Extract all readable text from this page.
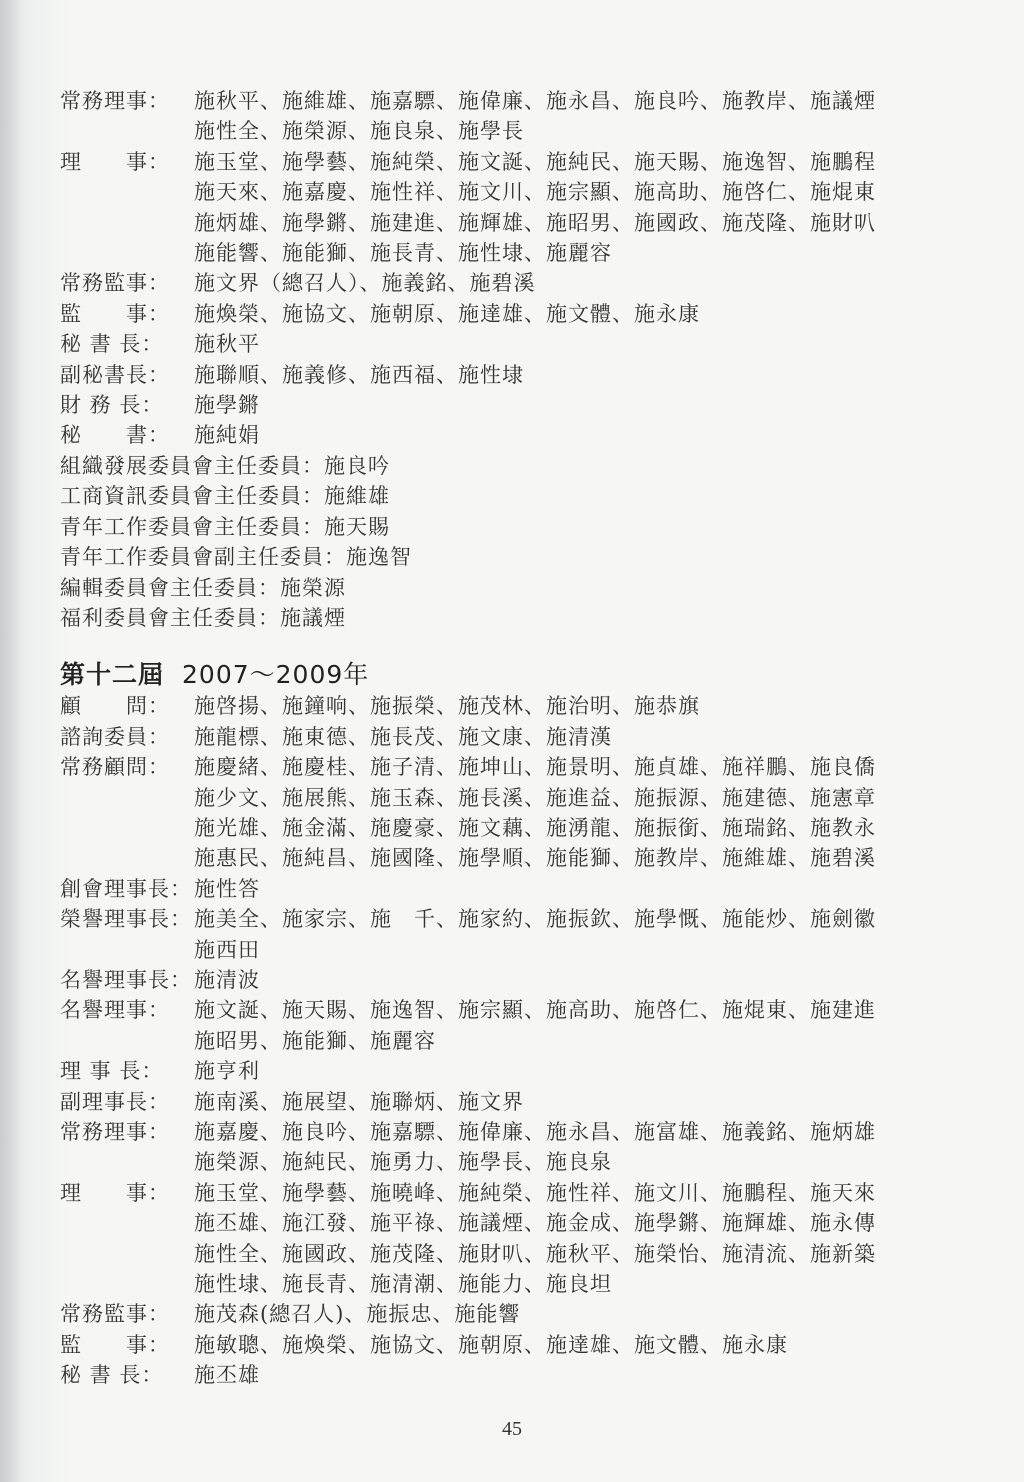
常務理事：	施秋平、施維雄、施嘉驃、施偉廉、施永昌、施良吟、施教岸、施議煙
施性全、施榮源、施良泉、施學長
理　　事：	施玉堂、施學藝、施純榮、施文誕、施純民、施天賜、施逸智、施鵬程
施天來、施嘉慶、施性祥、施文川、施宗顯、施高助、施啓仁、施焜東
施炳雄、施學鏘、施建進、施輝雄、施昭男、施國政、施茂隆、施財叭
施能響、施能獅、施長青、施性埭、施麗容
常務監事：	施文界（總召人）、施義銘、施碧溪
監　　事：	施煥榮、施協文、施朝原、施達雄、施文體、施永康
秘 書 長：	施秋平
副秘書長：	施聯順、施義修、施西福、施性埭
財 務 長：	施學鏘
秘　　書：	施純娟
組織發展委員會主任委員：施良吟
工商資訊委員會主任委員：施維雄
青年工作委員會主任委員：施天賜
青年工作委員會副主任委員：施逸智
編輯委員會主任委員：施榮源
福利委員會主任委員：施議煙
第十二屆 2007～2009年
顧　　問：	施啓揚、施鐘响、施振榮、施茂林、施治明、施恭旗
諮詢委員：	施龍標、施東德、施長茂、施文康、施清漢
常務顧問：	施慶緒、施慶桂、施子清、施坤山、施景明、施貞雄、施祥鵬、施良僑
施少文、施展熊、施玉森、施長溪、施進益、施振源、施建德、施憲章
施光雄、施金滿、施慶豪、施文藕、施湧龍、施振銜、施瑞銘、施教永
施惠民、施純昌、施國隆、施學順、施能獅、施教岸、施維雄、施碧溪
創會理事長： 施性答
榮譽理事長： 施美全、施家宗、施　千、施家約、施振欽、施學慨、施能炒、施劍徽
施西田
名譽理事長： 施清波
名譽理事：	施文誕、施天賜、施逸智、施宗顯、施高助、施啓仁、施焜東、施建進
施昭男、施能獅、施麗容
理 事 長：	施亨利
副理事長：	施南溪、施展望、施聯炳、施文界
常務理事：	施嘉慶、施良吟、施嘉驃、施偉廉、施永昌、施富雄、施義銘、施炳雄
施榮源、施純民、施勇力、施學長、施良泉
理　　事：	施玉堂、施學藝、施曉峰、施純榮、施性祥、施文川、施鵬程、施天來
施丕雄、施江發、施平祿、施議煙、施金成、施學鏘、施輝雄、施永傳
施性全、施國政、施茂隆、施財叭、施秋平、施榮怡、施清流、施新築
施性埭、施長青、施清潮、施能力、施良坦
常務監事：	施茂森(總召人)、施振忠、施能響
監　　事：	施敏聰、施煥榮、施協文、施朝原、施達雄、施文體、施永康
秘 書 長：	施丕雄
45
